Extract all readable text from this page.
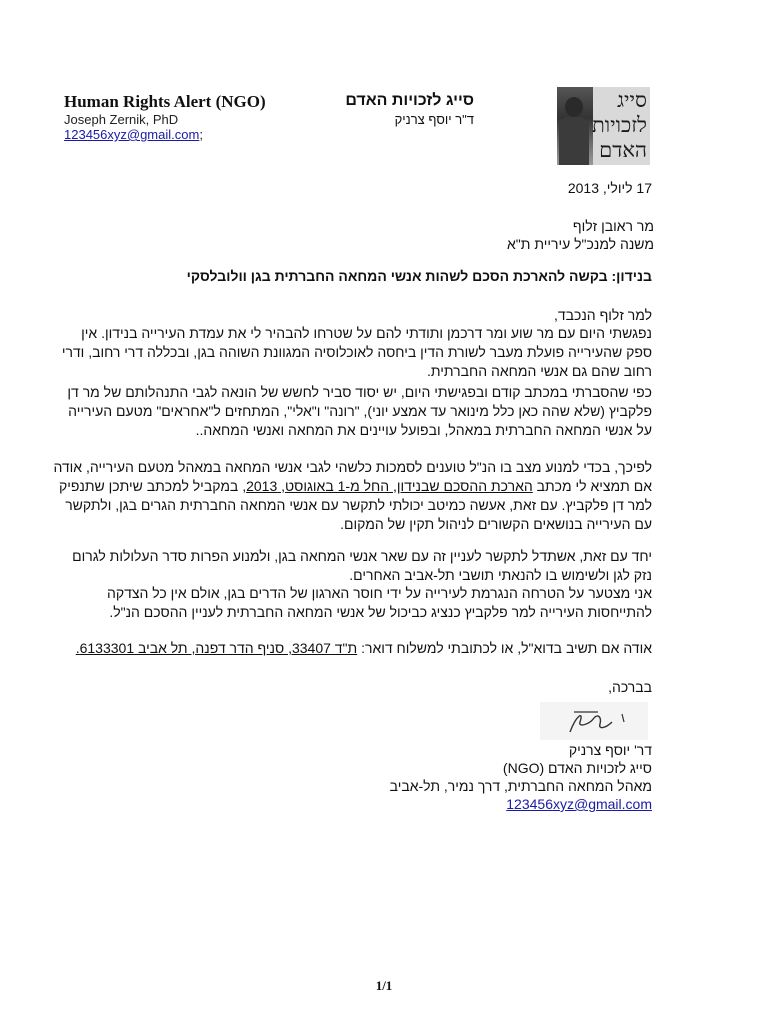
Human Rights Alert (NGO)
Joseph Zernik, PhD
123456xyz@gmail.com;
סייג לזכויות האדם
ד"ר יוסף צרניק
סייג
לזכויות
האדם
17 ליולי, 2013
מר ראובן זלוף
משנה למנכ"ל עיריית ת"א
בנידון: בקשה להארכת הסכם לשהות אנשי המחאה החברתית בגן וולובלסקי
למר זלוף הנכבד,
נפגשתי היום עם מר שוע ומר דרכמן ותודתי להם על שטרחו להבהיר לי את עמדת העירייה בנידון. אין ספק שהעירייה פועלת מעבר לשורת הדין ביחסה לאוכלוסיה המגוונת השוהה בגן, ובכללה דרי רחוב, ודרי רחוב שהם גם אנשי המחאה החברתית.
כפי שהסברתי במכתב קודם ובפגישתי היום, יש יסוד סביר לחשש של הונאה לגבי התנהלותם של מר דן פלקביץ (שלא שהה כאן כלל מינואר עד אמצע יוני), "רונה" ו"אלי", המתחזים ל"אחראים" מטעם העירייה על אנשי המחאה החברתית במאהל, ובפועל עויינים את המחאה ואנשי המחאה..
לפיכך, בכדי למנוע מצב בו הנ"ל טוענים לסמכות כלשהי לגבי אנשי המחאה במאהל מטעם העירייה, אודה אם תמציא לי מכתב הארכת ההסכם שבנידון, החל מ-1 באוגוסט, 2013, במקביל למכתב שיתכן שתנפיק למר דן פלקביץ. עם זאת, אעשה כמיטב יכולתי לתקשר עם אנשי המחאה החברתית הגרים בגן, ולתקשר עם העירייה בנושאים הקשורים לניהול תקין של המקום.
יחד עם זאת, אשתדל לתקשר לעניין זה עם שאר אנשי המחאה בגן, ולמנוע הפרות סדר העלולות לגרום נזק לגן ולשימוש בו להנאתי תושבי תל-אביב האחרים.
אני מצטער על הטרחה הנגרמת לעירייה על ידי חוסר הארגון של הדרים בגן, אולם אין כל הצדקה להתייחסות העירייה למר פלקביץ כנציג כביכול של אנשי המחאה החברתית לעניין ההסכם הנ"ל.
אודה אם תשיב בדוא"ל, או לכתובתי למשלוח דואר: ת"ד 33407, סניף הדר דפנה, תל אביב 6133301.
בברכה,
דר' יוסף צרניק
סייג לזכויות האדם (NGO)
מאהל המחאה החברתית, דרך נמיר, תל-אביב
123456xyz@gmail.com
1/1
